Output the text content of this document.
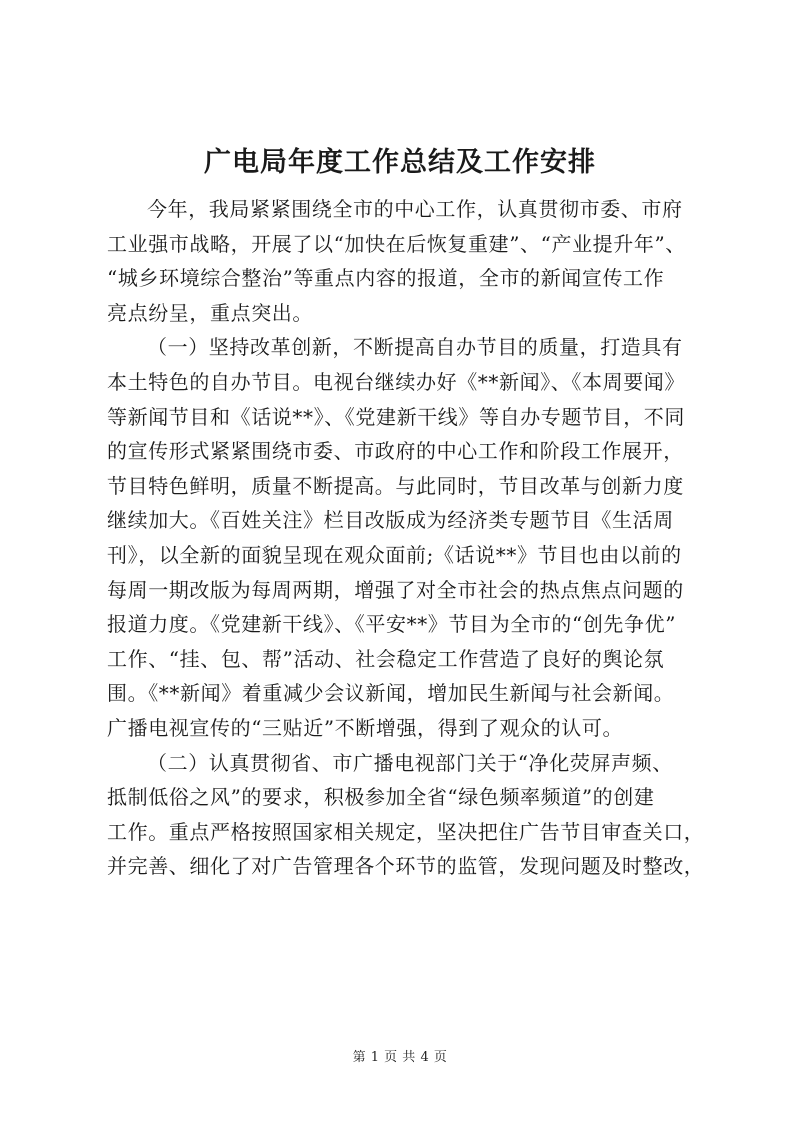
广电局年度工作总结及工作安排
今年，我局紧紧围绕全市的中心工作，认真贯彻市委、市府
工业强市战略，开展了以“加快在后恢复重建”、“产业提升年”、
“城乡环境综合整治”等重点内容的报道，全市的新闻宣传工作
亮点纷呈，重点突出。
（一）坚持改革创新，不断提高自办节目的质量，打造具有
本土特色的自办节目。电视台继续办好《**新闻》、《本周要闻》
等新闻节目和《话说**》、《党建新干线》等自办专题节目，不同
的宣传形式紧紧围绕市委、市政府的中心工作和阶段工作展开，
节目特色鲜明，质量不断提高。与此同时，节目改革与创新力度
继续加大。《百姓关注》栏目改版成为经济类专题节目《生活周
刊》，以全新的面貌呈现在观众面前;《话说**》节目也由以前的
每周一期改版为每周两期，增强了对全市社会的热点焦点问题的
报道力度。《党建新干线》、《平安**》节目为全市的“创先争优”
工作、“挂、包、帮”活动、社会稳定工作营造了良好的舆论氛
围。《**新闻》着重减少会议新闻，增加民生新闻与社会新闻。
广播电视宣传的“三贴近”不断增强，得到了观众的认可。
（二）认真贯彻省、市广播电视部门关于“净化荧屏声频、
抵制低俗之风”的要求，积极参加全省“绿色频率频道”的创建
工作。重点严格按照国家相关规定，坚决把住广告节目审查关口，
并完善、细化了对广告管理各个环节的监管，发现问题及时整改，
第 1 页 共 4 页
